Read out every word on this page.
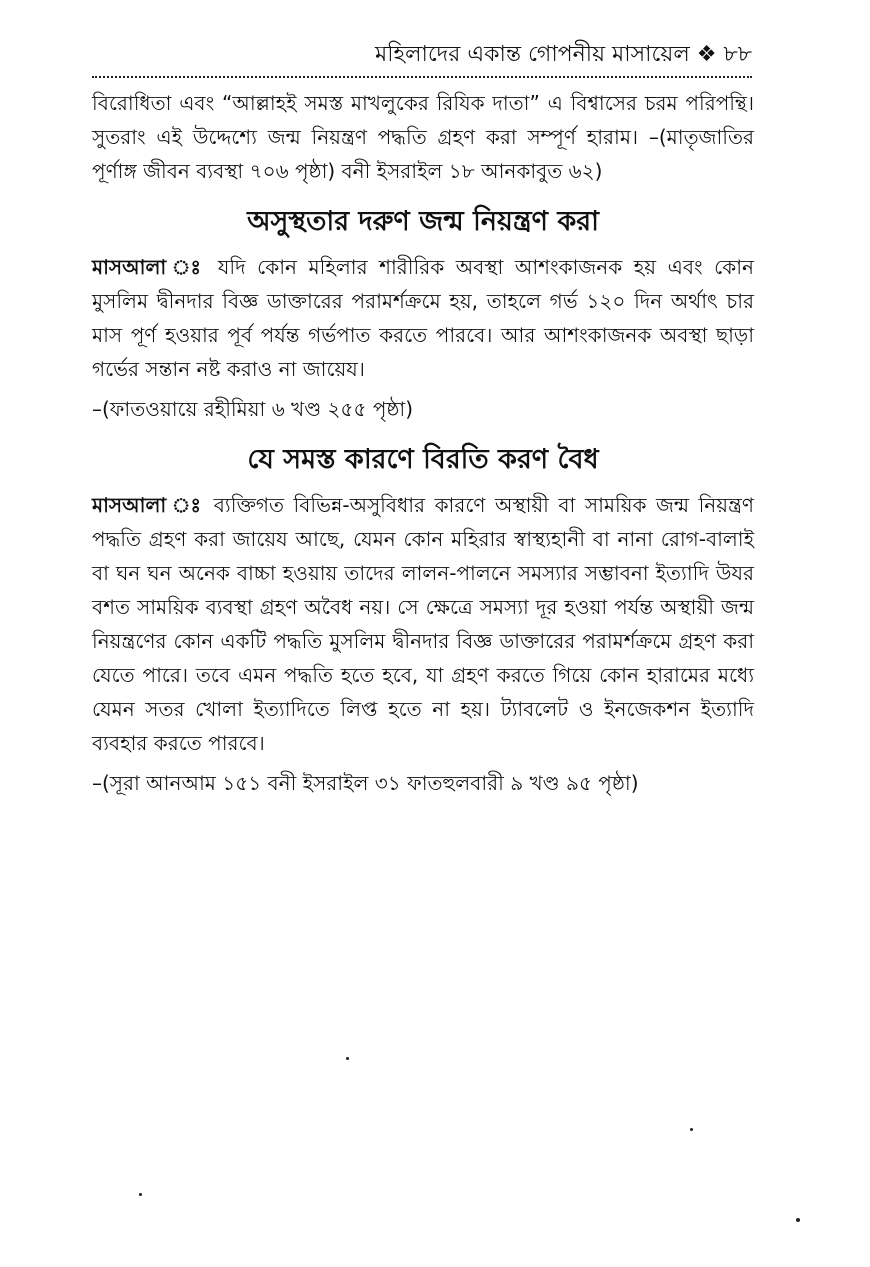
মহিলাদের একান্ত গোপনীয় মাসায়েল ❖ ৮৮

বিরোধিতা এবং “আল্লাহই সমস্ত মাখলুকের রিযিক দাতা” এ বিশ্বাসের চরম পরিপন্থি। সুতরাং এই উদ্দেশ্যে জন্ম নিয়ন্ত্রণ পদ্ধতি গ্রহণ করা সম্পূর্ণ হারাম। –(মাতৃজাতির পূর্ণাঙ্গ জীবন ব্যবস্থা ৭০৬ পৃষ্ঠা) বনী ইসরাইল ১৮ আনকাবুত ৬২)

অসুস্থতার দরুণ জন্ম নিয়ন্ত্রণ করা

মাসআলা ঃ যদি কোন মহিলার শারীরিক অবস্থা আশংকাজনক হয় এবং কোন মুসলিম দ্বীনদার বিজ্ঞ ডাক্তারের পরামর্শক্রমে হয়, তাহলে গর্ভ ১২০ দিন অর্থাৎ চার মাস পূর্ণ হওয়ার পূর্ব পর্যন্ত গর্ভপাত করতে পারবে। আর আশংকাজনক অবস্থা ছাড়া গর্ভের সন্তান নষ্ট করাও না জায়েয।

–(ফাতওয়ায়ে রহীমিয়া ৬ খণ্ড ২৫৫ পৃষ্ঠা)

যে সমস্ত কারণে বিরতি করণ বৈধ

মাসআলা ঃ ব্যক্তিগত বিভিন্ন-অসুবিধার কারণে অস্থায়ী বা সাময়িক জন্ম নিয়ন্ত্রণ পদ্ধতি গ্রহণ করা জায়েয আছে, যেমন কোন মহিরার স্বাস্থ্যহানী বা নানা রোগ-বালাই বা ঘন ঘন অনেক বাচ্চা হওয়ায় তাদের লালন-পালনে সমস্যার সম্ভাবনা ইত্যাদি উযর বশত সাময়িক ব্যবস্থা গ্রহণ অবৈধ নয়। সে ক্ষেত্রে সমস্যা দূর হওয়া পর্যন্ত অস্থায়ী জন্ম নিয়ন্ত্রণের কোন একটি পদ্ধতি মুসলিম দ্বীনদার বিজ্ঞ ডাক্তারের পরামর্শক্রমে গ্রহণ করা যেতে পারে। তবে এমন পদ্ধতি হতে হবে, যা গ্রহণ করতে গিয়ে কোন হারামের মধ্যে যেমন সতর খোলা ইত্যাদিতে লিপ্ত হতে না হয়। ট্যাবলেট ও ইনজেকশন ইত্যাদি ব্যবহার করতে পারবে।

–(সূরা আনআম ১৫১ বনী ইসরাইল ৩১ ফাতহুলবারী ৯ খণ্ড ৯৫ পৃষ্ঠা)
